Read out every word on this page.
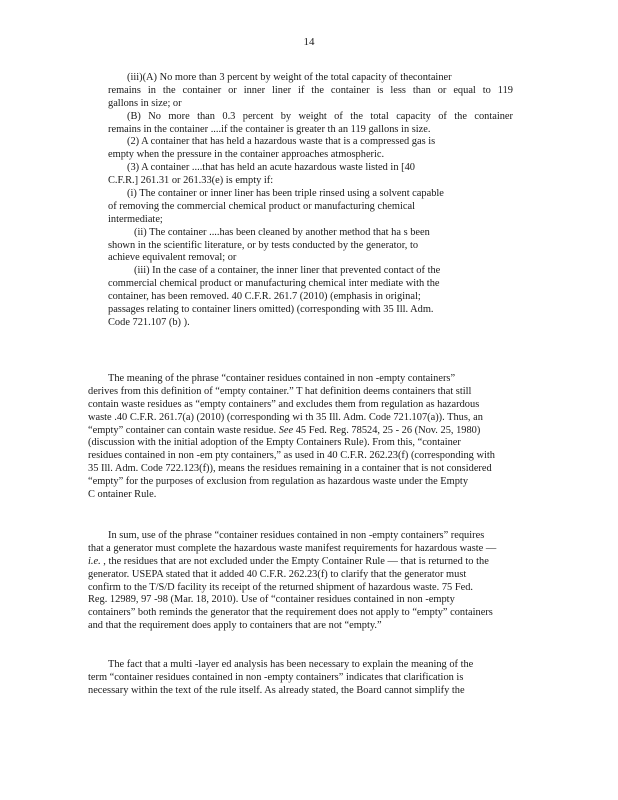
14
(iii)(A) No more than 3 percent by weight of the total capacity of thecontainer
remains in the container or inner liner if the container is less than or equal to 119
gallons in size; or
(B) No more than 0.3 percent by weight of the total capacity of the container
remains in the container ....if the container is greater th an 119 gallons in size.
(2) A container that has held a hazardous waste that is a compressed gas is
empty when the pressure in the container approaches atmospheric.
(3) A container ....that has held an acute hazardous waste listed in [40
C.F.R.] 261.31 or 261.33(e) is empty if:
(i) The container or inner liner has been triple rinsed using a solvent capable
of removing the commercial chemical product or manufacturing chemical
intermediate;
(ii) The container ....has been cleaned by another method that ha s been
shown in the scientific literature, or by tests conducted by the generator, to
achieve equivalent removal; or
(iii) In the case of a container, the inner liner that prevented contact of the
commercial chemical product or manufacturing chemical inter mediate with the
container, has been removed. 40 C.F.R. 261.7 (2010) (emphasis in original;
passages relating to container liners omitted) (corresponding with 35 Ill. Adm.
Code 721.107 (b) ).
The meaning of the phrase “container residues contained in non -empty containers”
derives from this definition of “empty container.” T hat definition deems containers that still
contain waste residues as “empty containers” and excludes them from regulation as hazardous
waste .40 C.F.R. 261.7(a) (2010) (corresponding wi th 35 Ill. Adm. Code 721.107(a)). Thus, an
“empty” container can contain waste residue. See 45 Fed. Reg. 78524, 25 - 26 (Nov. 25, 1980)
(discussion with the initial adoption of the Empty Containers Rule). From this, “container
residues contained in non -em pty containers,” as used in 40 C.F.R. 262.23(f) (corresponding with
35 Ill. Adm. Code 722.123(f)), means the residues remaining in a container that is not considered
“empty” for the purposes of exclusion from regulation as hazardous waste under the Empty
C ontainer Rule.
In sum, use of the phrase “container residues contained in non -empty containers” requires
that a generator must complete the hazardous waste manifest requirements for hazardous waste —
i.e. , the residues that are not excluded under the Empty Container Rule — that is returned to the
generator. USEPA stated that it added 40 C.F.R. 262.23(f) to clarify that the generator must
confirm to the T/S/D facility its receipt of the returned shipment of hazardous waste. 75 Fed.
Reg. 12989, 97 -98 (Mar. 18, 2010). Use of “container residues contained in non -empty
containers” both reminds the generator that the requirement does not apply to “empty” containers
and that the requirement does apply to containers that are not “empty.”
The fact that a multi -layer ed analysis has been necessary to explain the meaning of the
term “container residues contained in non -empty containers” indicates that clarification is
necessary within the text of the rule itself. As already stated, the Board cannot simplify the
